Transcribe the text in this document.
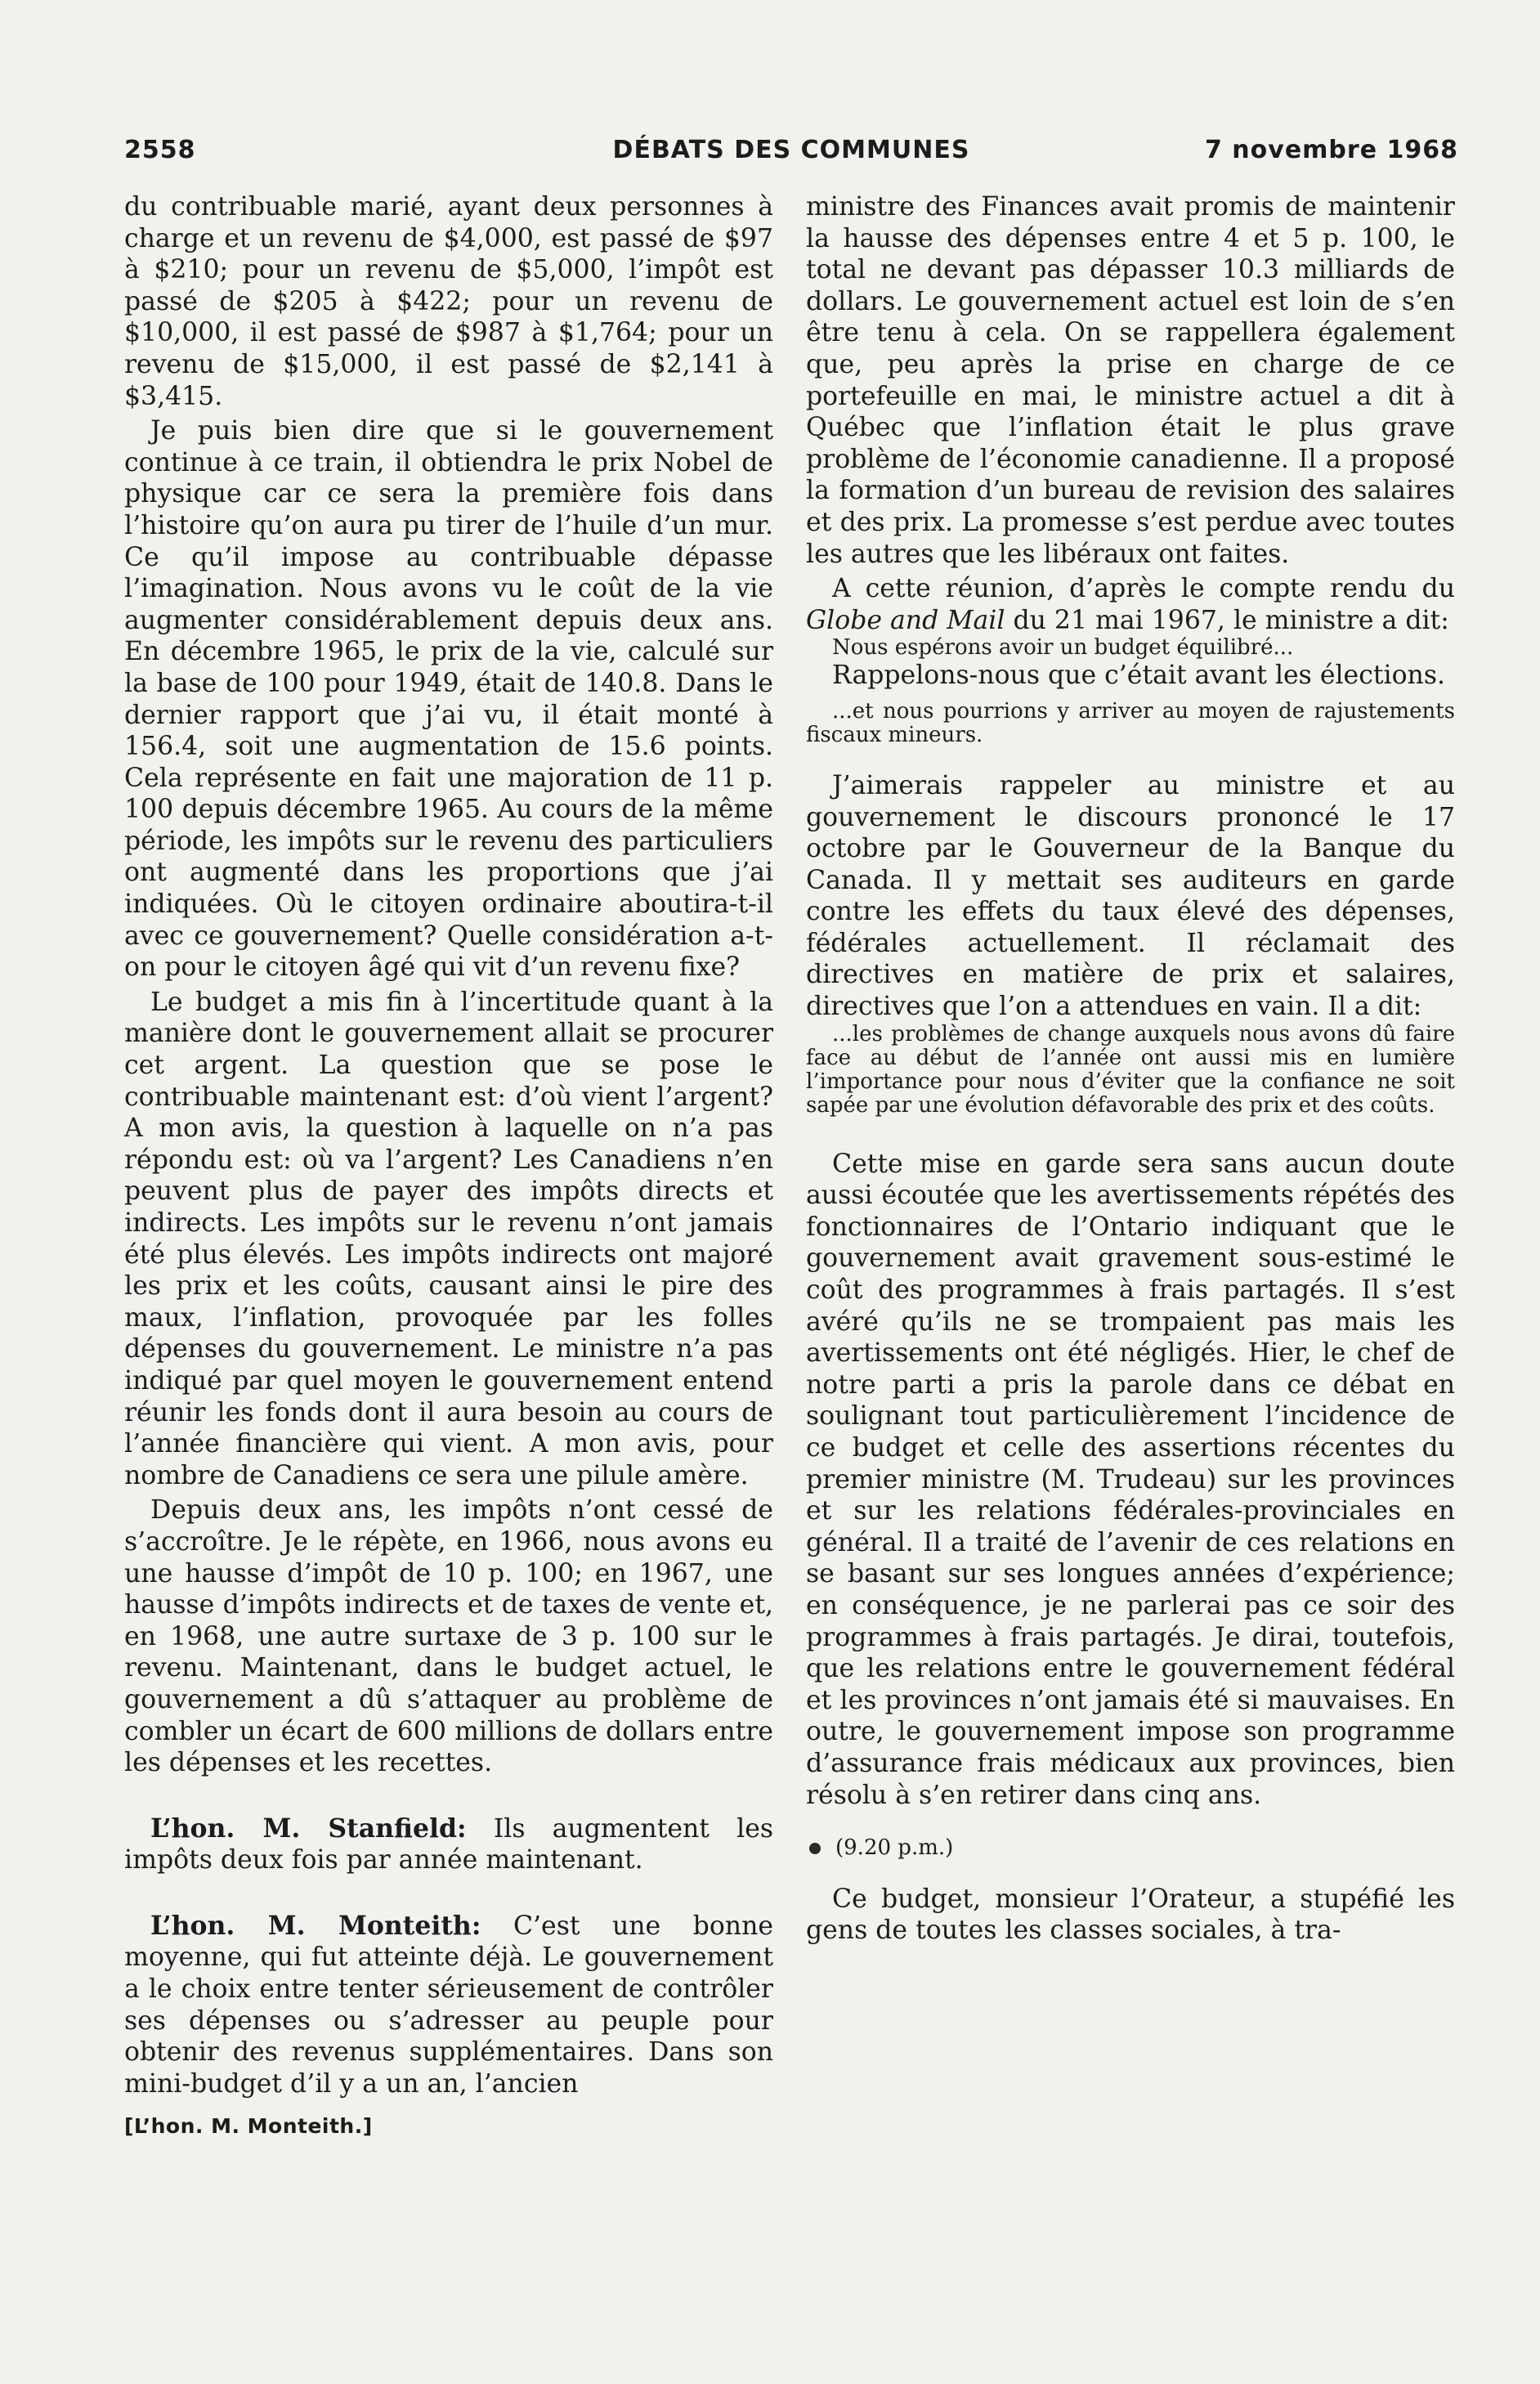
2558	DÉBATS DES COMMUNES	7 novembre 1968

du contribuable marié, ayant deux personnes à charge et un revenu de $4,000, est passé de $97 à $210; pour un revenu de $5,000, l’impôt est passé de $205 à $422; pour un revenu de $10,000, il est passé de $987 à $1,764; pour un revenu de $15,000, il est passé de $2,141 à $3,415.

Je puis bien dire que si le gouvernement continue à ce train, il obtiendra le prix Nobel de physique car ce sera la première fois dans l’histoire qu’on aura pu tirer de l’huile d’un mur. Ce qu’il impose au contribuable dépasse l’imagination. Nous avons vu le coût de la vie augmenter considérablement depuis deux ans. En décembre 1965, le prix de la vie, calculé sur la base de 100 pour 1949, était de 140.8. Dans le dernier rapport que j’ai vu, il était monté à 156.4, soit une augmentation de 15.6 points. Cela représente en fait une majoration de 11 p. 100 depuis décembre 1965. Au cours de la même période, les impôts sur le revenu des particuliers ont augmenté dans les proportions que j’ai indiquées. Où le citoyen ordinaire aboutira-t-il avec ce gouvernement? Quelle considération a-t-on pour le citoyen âgé qui vit d’un revenu fixe?

Le budget a mis fin à l’incertitude quant à la manière dont le gouvernement allait se procurer cet argent. La question que se pose le contribuable maintenant est: d’où vient l’argent? A mon avis, la question à laquelle on n’a pas répondu est: où va l’argent? Les Canadiens n’en peuvent plus de payer des impôts directs et indirects. Les impôts sur le revenu n’ont jamais été plus élevés. Les impôts indirects ont majoré les prix et les coûts, causant ainsi le pire des maux, l’inflation, provoquée par les folles dépenses du gouvernement. Le ministre n’a pas indiqué par quel moyen le gouvernement entend réunir les fonds dont il aura besoin au cours de l’année financière qui vient. A mon avis, pour nombre de Canadiens ce sera une pilule amère.

Depuis deux ans, les impôts n’ont cessé de s’accroître. Je le répète, en 1966, nous avons eu une hausse d’impôt de 10 p. 100; en 1967, une hausse d’impôts indirects et de taxes de vente et, en 1968, une autre surtaxe de 3 p. 100 sur le revenu. Maintenant, dans le budget actuel, le gouvernement a dû s’attaquer au problème de combler un écart de 600 millions de dollars entre les dépenses et les recettes.

L’hon. M. Stanfield: Ils augmentent les impôts deux fois par année maintenant.

L’hon. M. Monteith: C’est une bonne moyenne, qui fut atteinte déjà. Le gouvernement a le choix entre tenter sérieusement de contrôler ses dépenses ou s’adresser au peuple pour obtenir des revenus supplémentaires. Dans son mini-budget d’il y a un an, l’ancien

[L’hon. M. Monteith.]

ministre des Finances avait promis de maintenir la hausse des dépenses entre 4 et 5 p. 100, le total ne devant pas dépasser 10.3 milliards de dollars. Le gouvernement actuel est loin de s’en être tenu à cela. On se rappellera également que, peu après la prise en charge de ce portefeuille en mai, le ministre actuel a dit à Québec que l’inflation était le plus grave problème de l’économie canadienne. Il a proposé la formation d’un bureau de revision des salaires et des prix. La promesse s’est perdue avec toutes les autres que les libéraux ont faites.

A cette réunion, d’après le compte rendu du Globe and Mail du 21 mai 1967, le ministre a dit:

Nous espérons avoir un budget équilibré...

Rappelons-nous que c’était avant les élections.

...et nous pourrions y arriver au moyen de rajustements fiscaux mineurs.

J’aimerais rappeler au ministre et au gouvernement le discours prononcé le 17 octobre par le Gouverneur de la Banque du Canada. Il y mettait ses auditeurs en garde contre les effets du taux élevé des dépenses, fédérales actuellement. Il réclamait des directives en matière de prix et salaires, directives que l’on a attendues en vain. Il a dit:

...les problèmes de change auxquels nous avons dû faire face au début de l’année ont aussi mis en lumière l’importance pour nous d’éviter que la confiance ne soit sapée par une évolution défavorable des prix et des coûts.

Cette mise en garde sera sans aucun doute aussi écoutée que les avertissements répétés des fonctionnaires de l’Ontario indiquant que le gouvernement avait gravement sous-estimé le coût des programmes à frais partagés. Il s’est avéré qu’ils ne se trompaient pas mais les avertissements ont été négligés. Hier, le chef de notre parti a pris la parole dans ce débat en soulignant tout particulièrement l’incidence de ce budget et celle des assertions récentes du premier ministre (M. Trudeau) sur les provinces et sur les relations fédérales-provinciales en général. Il a traité de l’avenir de ces relations en se basant sur ses longues années d’expérience; en conséquence, je ne parlerai pas ce soir des programmes à frais partagés. Je dirai, toutefois, que les relations entre le gouvernement fédéral et les provinces n’ont jamais été si mauvaises. En outre, le gouvernement impose son programme d’assurance frais médicaux aux provinces, bien résolu à s’en retirer dans cinq ans.

(9.20 p.m.)

Ce budget, monsieur l’Orateur, a stupéfié les gens de toutes les classes sociales, à tra-
